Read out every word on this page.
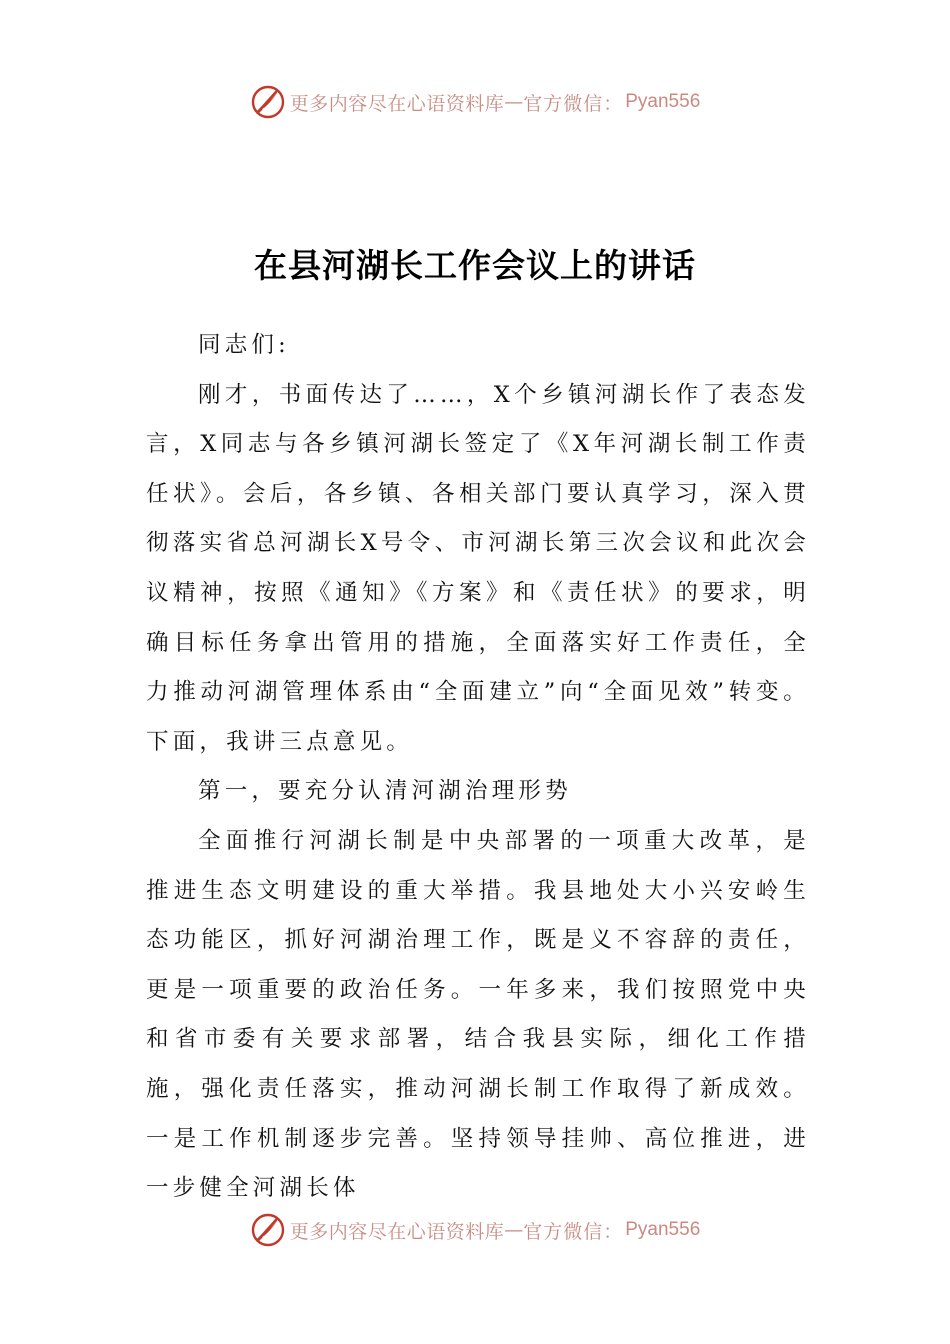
更多内容尽在心语资料库 — 官方微信： Pyan556
在县河湖长工作会议上的讲话

同志们:

刚才，书面传达了……，X个乡镇河湖长作了表态发言，X同志与各乡镇河湖长签定了《X年河湖长制工作责任状》。会后，各乡镇、各相关部门要认真学习，深入贯彻落实省总河湖长X号令、市河湖长第三次会议和此次会议精神，按照《通知》《方案》和《责任状》的要求，明确目标任务拿出管用的措施，全面落实好工作责任，全力推动河湖管理体系由“全面建立”向“全面见效”转变。下面，我讲三点意见。

第一，要充分认清河湖治理形势

全面推行河湖长制是中央部署的一项重大改革，是推进生态文明建设的重大举措。我县地处大小兴安岭生态功能区，抓好河湖治理工作，既是义不容辞的责任，更是一项重要的政治任务。一年多来，我们按照党中央和省市委有关要求部署，结合我县实际，细化工作措施，强化责任落实，推动河湖长制工作取得了新成效。一是工作机制逐步完善。坚持领导挂帅、高位推进，进一步健全河湖长体

更多内容尽在心语资料库 — 官方微信： Pyan556
